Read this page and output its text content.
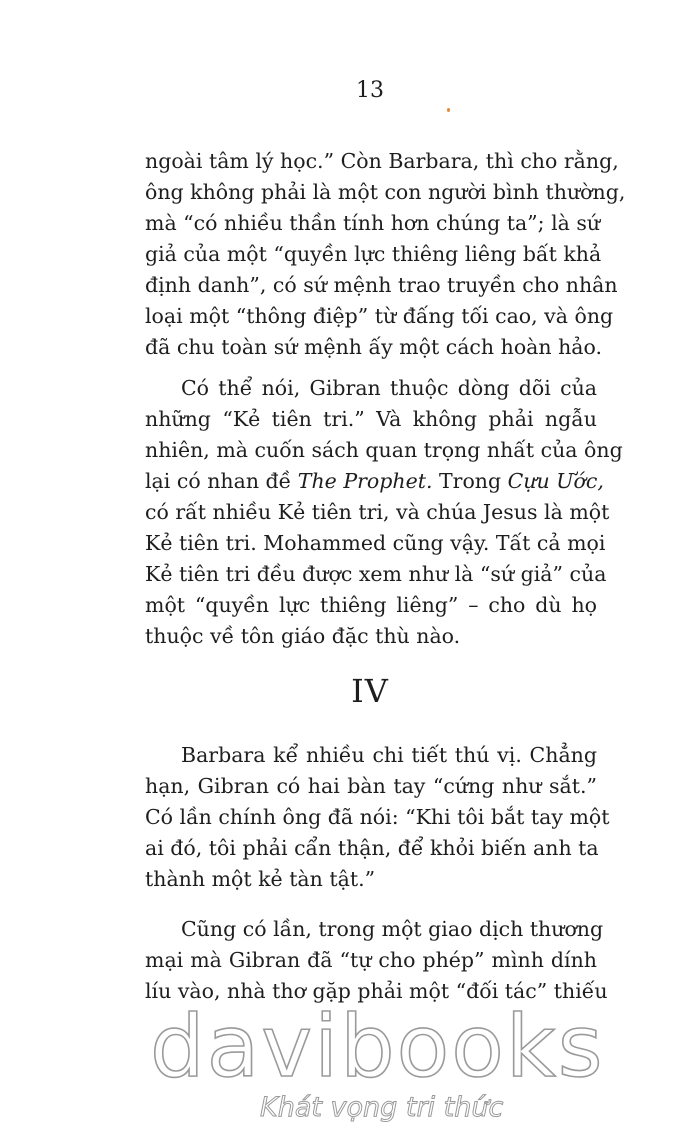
13
ngoài tâm lý học.” Còn Barbara, thì cho rằng,
ông không phải là một con người bình thường,
mà “có nhiều thần tính hơn chúng ta”; là sứ
giả của một “quyền lực thiêng liêng bất khả
định danh”, có sứ mệnh trao truyền cho nhân
loại một “thông điệp” từ đấng tối cao, và ông
đã chu toàn sứ mệnh ấy một cách hoàn hảo.
Có thể nói, Gibran thuộc dòng dõi của
những “Kẻ tiên tri.” Và không phải ngẫu
nhiên, mà cuốn sách quan trọng nhất của ông
lại có nhan đề The Prophet. Trong Cựu Ước,
có rất nhiều Kẻ tiên tri, và chúa Jesus là một
Kẻ tiên tri. Mohammed cũng vậy. Tất cả mọi
Kẻ tiên tri đều được xem như là “sứ giả” của
một “quyền lực thiêng liêng” – cho dù họ
thuộc về tôn giáo đặc thù nào.
IV
Barbara kể nhiều chi tiết thú vị. Chẳng
hạn, Gibran có hai bàn tay “cứng như sắt.”
Có lần chính ông đã nói: “Khi tôi bắt tay một
ai đó, tôi phải cẩn thận, để khỏi biến anh ta
thành một kẻ tàn tật.”
Cũng có lần, trong một giao dịch thương
mại mà Gibran đã “tự cho phép” mình dính
líu vào, nhà thơ gặp phải một “đối tác” thiếu
davibooks
Khát vọng tri thức
